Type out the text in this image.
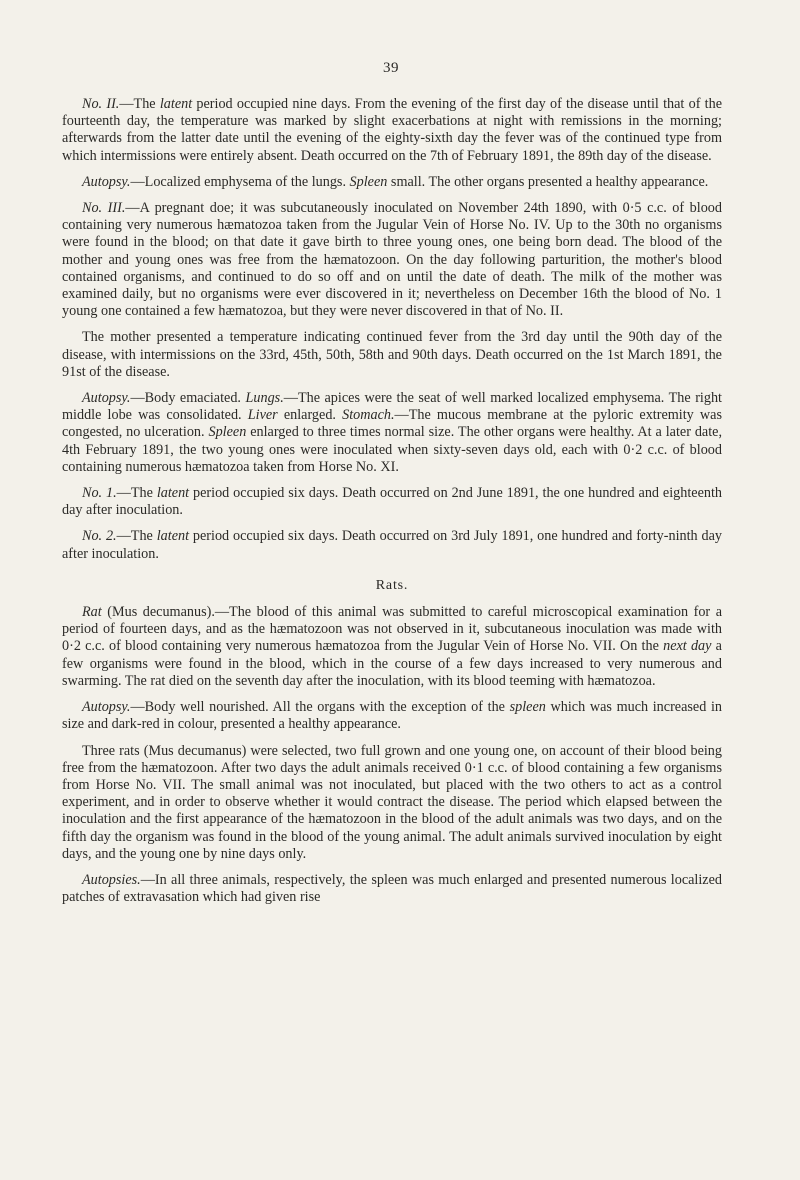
39

No. II.—The latent period occupied nine days. From the evening of the first day of the disease until that of the fourteenth day, the temperature was marked by slight exacerbations at night with remissions in the morning; afterwards from the latter date until the evening of the eighty-sixth day the fever was of the continued type from which intermissions were entirely absent. Death occurred on the 7th of February 1891, the 89th day of the disease.

Autopsy.—Localized emphysema of the lungs. Spleen small. The other organs presented a healthy appearance.

No. III.—A pregnant doe; it was subcutaneously inoculated on November 24th 1890, with 0·5 c.c. of blood containing very numerous hæmatozoa taken from the Jugular Vein of Horse No. IV. Up to the 30th no organisms were found in the blood; on that date it gave birth to three young ones, one being born dead. The blood of the mother and young ones was free from the hæmatozoon. On the day following parturition, the mother's blood contained organisms, and continued to do so off and on until the date of death. The milk of the mother was examined daily, but no organisms were ever discovered in it; nevertheless on December 16th the blood of No. 1 young one contained a few hæmatozoa, but they were never discovered in that of No. II.

The mother presented a temperature indicating continued fever from the 3rd day until the 90th day of the disease, with intermissions on the 33rd, 45th, 50th, 58th and 90th days. Death occurred on the 1st March 1891, the 91st of the disease.

Autopsy.—Body emaciated. Lungs.—The apices were the seat of well marked localized emphysema. The right middle lobe was consolidated. Liver enlarged. Stomach.—The mucous membrane at the pyloric extremity was congested, no ulceration. Spleen enlarged to three times normal size. The other organs were healthy. At a later date, 4th February 1891, the two young ones were inoculated when sixty-seven days old, each with 0·2 c.c. of blood containing numerous hæmatozoa taken from Horse No. XI.

No. 1.—The latent period occupied six days. Death occurred on 2nd June 1891, the one hundred and eighteenth day after inoculation.

No. 2.—The latent period occupied six days. Death occurred on 3rd July 1891, one hundred and forty-ninth day after inoculation.

Rats.

Rat (Mus decumanus).—The blood of this animal was submitted to careful microscopical examination for a period of fourteen days, and as the hæmatozoon was not observed in it, subcutaneous inoculation was made with 0·2 c.c. of blood containing very numerous hæmatozoa from the Jugular Vein of Horse No. VII. On the next day a few organisms were found in the blood, which in the course of a few days increased to very numerous and swarming. The rat died on the seventh day after the inoculation, with its blood teeming with hæmatozoa.

Autopsy.—Body well nourished. All the organs with the exception of the spleen which was much increased in size and dark-red in colour, presented a healthy appearance.

Three rats (Mus decumanus) were selected, two full grown and one young one, on account of their blood being free from the hæmatozoon. After two days the adult animals received 0·1 c.c. of blood containing a few organisms from Horse No. VII. The small animal was not inoculated, but placed with the two others to act as a control experiment, and in order to observe whether it would contract the disease. The period which elapsed between the inoculation and the first appearance of the hæmatozoon in the blood of the adult animals was two days, and on the fifth day the organism was found in the blood of the young animal. The adult animals survived inoculation by eight days, and the young one by nine days only.

Autopsies.—In all three animals, respectively, the spleen was much enlarged and presented numerous localized patches of extravasation which had given rise
